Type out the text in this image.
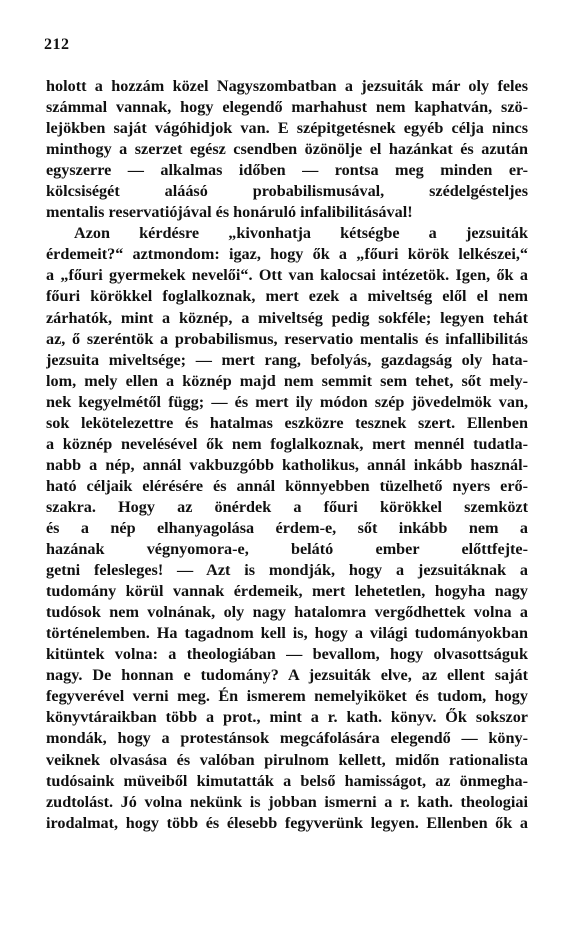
212
holott a hozzám közel Nagyszombatban a jezsuiták már oly feles
számmal vannak, hogy elegendő marhahust nem kaphatván, szö-
lejökben saját vágóhidjok van. E szépitgetésnek egyéb célja nincs
minthogy a szerzet egész csendben özönölje el hazánkat és azután
egyszerre — alkalmas időben — rontsa meg minden er-
kölcsiségét aláásó probabilismusával, szédelgésteljes
mentalis reservatiójával és honáruló infalibilitásával!
Azon kérdésre „kivonhatja kétségbe a jezsuiták
érdemeit?“ aztmondom: igaz, hogy ők a „főuri körök lelkészei,“
a „főuri gyermekek nevelői“. Ott van kalocsai intézetök. Igen, ők a
főuri körökkel foglalkoznak, mert ezek a miveltség elől el nem
zárhatók, mint a köznép, a miveltség pedig sokféle; legyen tehát
az, ő szeréntök a probabilismus, reservatio mentalis és infallibilitás
jezsuita miveltsége; — mert rang, befolyás, gazdagság oly hata-
lom, mely ellen a köznép majd nem semmit sem tehet, sőt mely-
nek kegyelmétől függ; — és mert ily módon szép jövedelmök van,
sok lekötelezettre és hatalmas eszközre tesznek szert. Ellenben
a köznép nevelésével ők nem foglalkoznak, mert mennél tudatla-
nabb a nép, annál vakbuzgóbb katholikus, annál inkább használ-
ható céljaik elérésére és annál könnyebben tüzelhető nyers erő-
szakra. Hogy az önérdek a főuri körökkel szemközt
és a nép elhanyagolása érdem-e, sőt inkább nem a
hazának végnyomora-e, belátó ember előttfejte-
getni felesleges! — Azt is mondják, hogy a jezsuitáknak a
tudomány körül vannak érdemeik, mert lehetetlen, hogyha nagy
tudósok nem volnának, oly nagy hatalomra vergődhettek volna a
történelemben. Ha tagadnom kell is, hogy a világi tudományokban
kitüntek volna: a theologiában — bevallom, hogy olvasottságuk
nagy. De honnan e tudomány? A jezsuiták elve, az ellent saját
fegyverével verni meg. Én ismerem nemelyiköket és tudom, hogy
könyvtáraikban több a prot., mint a r. kath. könyv. Ők sokszor
mondák, hogy a protestánsok megcáfolására elegendő — köny-
veiknek olvasása és valóban pirulnom kellett, midőn rationalista
tudósaink müveiből kimutatták a belső hamisságot, az önmegha-
zudtolást. Jó volna nekünk is jobban ismerni a r. kath. theologiai
irodalmat, hogy több és élesebb fegyverünk legyen. Ellenben ők a
